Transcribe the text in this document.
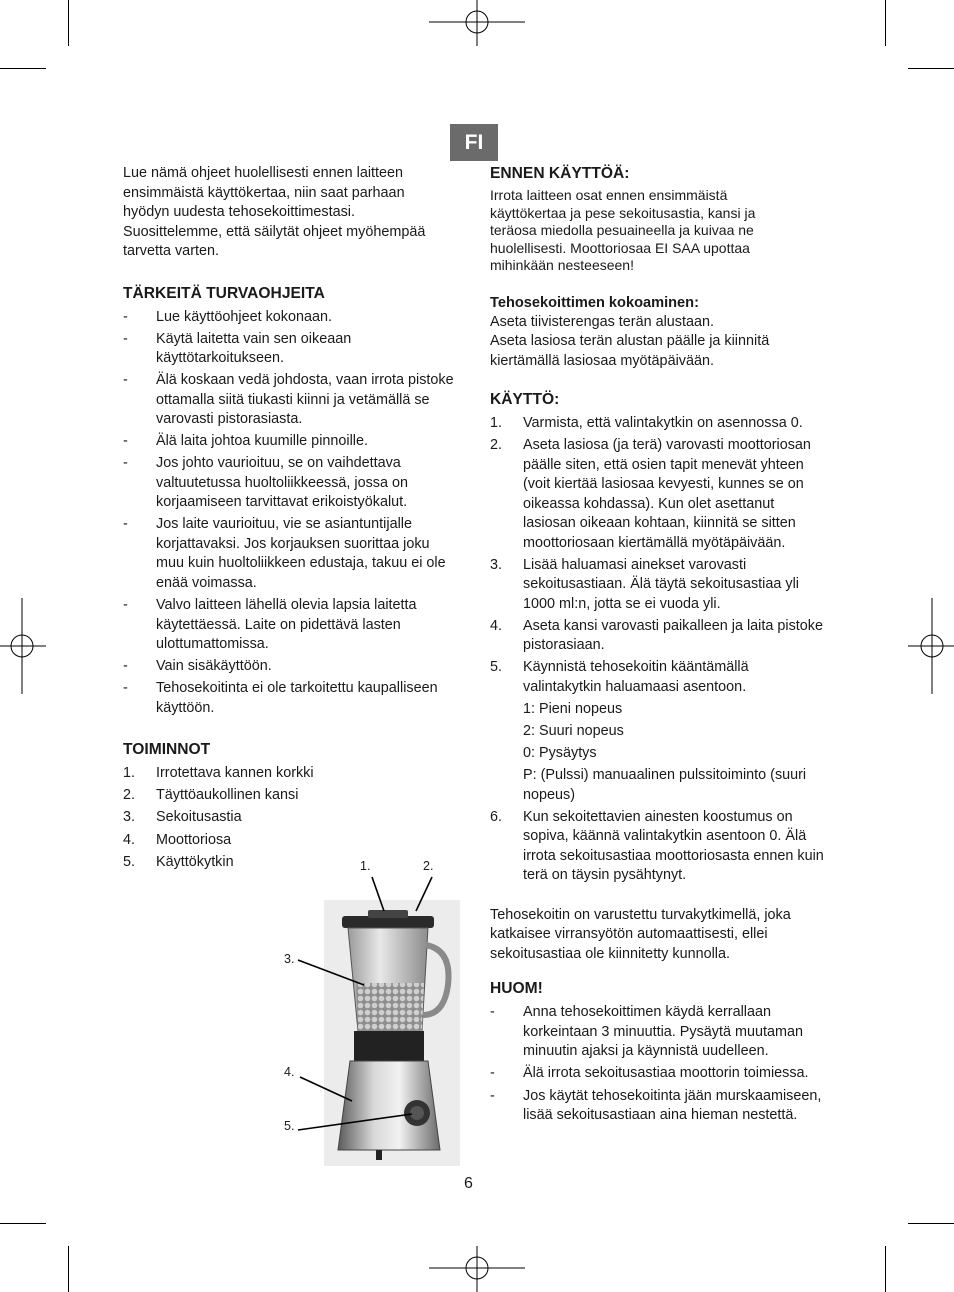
FI

Lue nämä ohjeet huolellisesti ennen laitteen

ensimmäistä käyttökertaa, niin saat parhaan

hyödyn uudesta tehosekoittimestasi.

Suosittelemme, että säilytät ohjeet myöhempää

tarvetta varten.

TÄRKEITÄ TURVAOHJEITA
- Lue käyttöohjeet kokonaan.
- Käytä laitetta vain sen oikeaan käyttötarkoitukseen.
- Älä koskaan vedä johdosta, vaan irrota pistoke ottamalla siitä tiukasti kiinni ja vetämällä se varovasti pistorasiasta.
- Älä laita johtoa kuumille pinnoille.
- Jos johto vaurioituu, se on vaihdettava valtuutetussa huoltoliikkeessä, jossa on korjaamiseen tarvittavat erikoistyökalut.
- Jos laite vaurioituu, vie se asiantuntijalle korjattavaksi. Jos korjauksen suorittaa joku muu kuin huoltoliikkeen edustaja, takuu ei ole enää voimassa.
- Valvo laitteen lähellä olevia lapsia laitetta käytettäessä. Laite on pidettävä lasten ulottumattomissa.
- Vain sisäkäyttöön.
- Tehosekoitinta ei ole tarkoitettu kaupalliseen käyttöön.
TOIMINNOT
1. Irrotettava kannen korkki
2. Täyttöaukollinen kansi
3. Sekoitusastia
4. Moottoriosa
5. Käyttökytkin	1.	2.
3.
4.
5.
ENNEN KÄYTTÖÄ:

Irrota laitteen osat ennen ensimmäistä

käyttökertaa ja pese sekoitusastia, kansi ja

teräosa miedolla pesuaineella ja kuivaa ne

huolellisesti. Moottoriosaa EI SAA upottaa

mihinkään nesteeseen!

Tehosekoittimen kokoaminen:

Aseta tiivisterengas terän alustaan.

Aseta lasiosa terän alustan päälle ja kiinnitä

kiertämällä lasiosaa myötäpäivään.

KÄYTTÖ:
1. Varmista, että valintakytkin on asennossa 0.
2. Aseta lasiosa (ja terä) varovasti moottoriosan päälle siten, että osien tapit menevät yhteen (voit kiertää lasiosaa kevyesti, kunnes se on oikeassa kohdassa). Kun olet asettanut lasiosan oikeaan kohtaan, kiinnitä se sitten moottoriosaan kiertämällä myötäpäivään.
3. Lisää haluamasi ainekset varovasti sekoitusastiaan. Älä täytä sekoitusastiaa yli 1000 ml:n, jotta se ei vuoda yli.
4. Aseta kansi varovasti paikalleen ja laita pistoke pistorasiaan.
5. Käynnistä tehosekoitin kääntämällä valintakytkin haluamaasi asentoon.
1: Pieni nopeus
2: Suuri nopeus
0: Pysäytys
P: (Pulssi) manuaalinen pulssitoiminto (suuri nopeus)
6. Kun sekoitettavien ainesten koostumus on sopiva, käännä valintakytkin asentoon 0. Älä irrota sekoitusastiaa moottoriosasta ennen kuin terä on täysin pysähtynyt.

Tehosekoitin on varustettu turvakytkimellä, joka

katkaisee virransyötön automaattisesti, ellei

sekoitusastiaa ole kiinnitetty kunnolla.

HUOM!
- Anna tehosekoittimen käydä kerrallaan korkeintaan 3 minuuttia. Pysäytä muutaman minuutin ajaksi ja käynnistä uudelleen.
- Älä irrota sekoitusastiaa moottorin toimiessa.
- Jos käytät tehosekoitinta jään murskaamiseen, lisää sekoitusastiaan aina hieman nestettä.
6
